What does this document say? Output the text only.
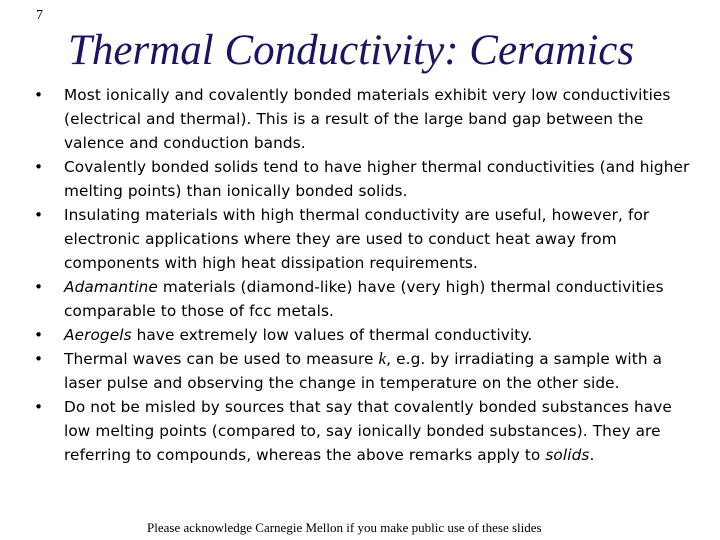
7
Thermal Conductivity: Ceramics
•
Most ionically and covalently bonded materials exhibit very low conductivities (electrical and thermal). This is a result of the large band gap between the valence and conduction bands.
•
Covalently bonded solids tend to have higher thermal conductivities (and higher melting points) than ionically bonded solids.
•
Insulating materials with high thermal conductivity are useful, however, for electronic applications where they are used to conduct heat away from components with high heat dissipation requirements.
•
Adamantine materials (diamond-like) have (very high) thermal conductivities comparable to those of fcc metals.
•
Aerogels have extremely low values of thermal conductivity.
•
Thermal waves can be used to measure k, e.g. by irradiating a sample with a laser pulse and observing the change in temperature on the other side.
•
Do not be misled by sources that say that covalently bonded substances have low melting points (compared to, say ionically bonded substances). They are referring to compounds, whereas the above remarks apply to solids.
Please acknowledge Carnegie Mellon if you make public use of these slides
